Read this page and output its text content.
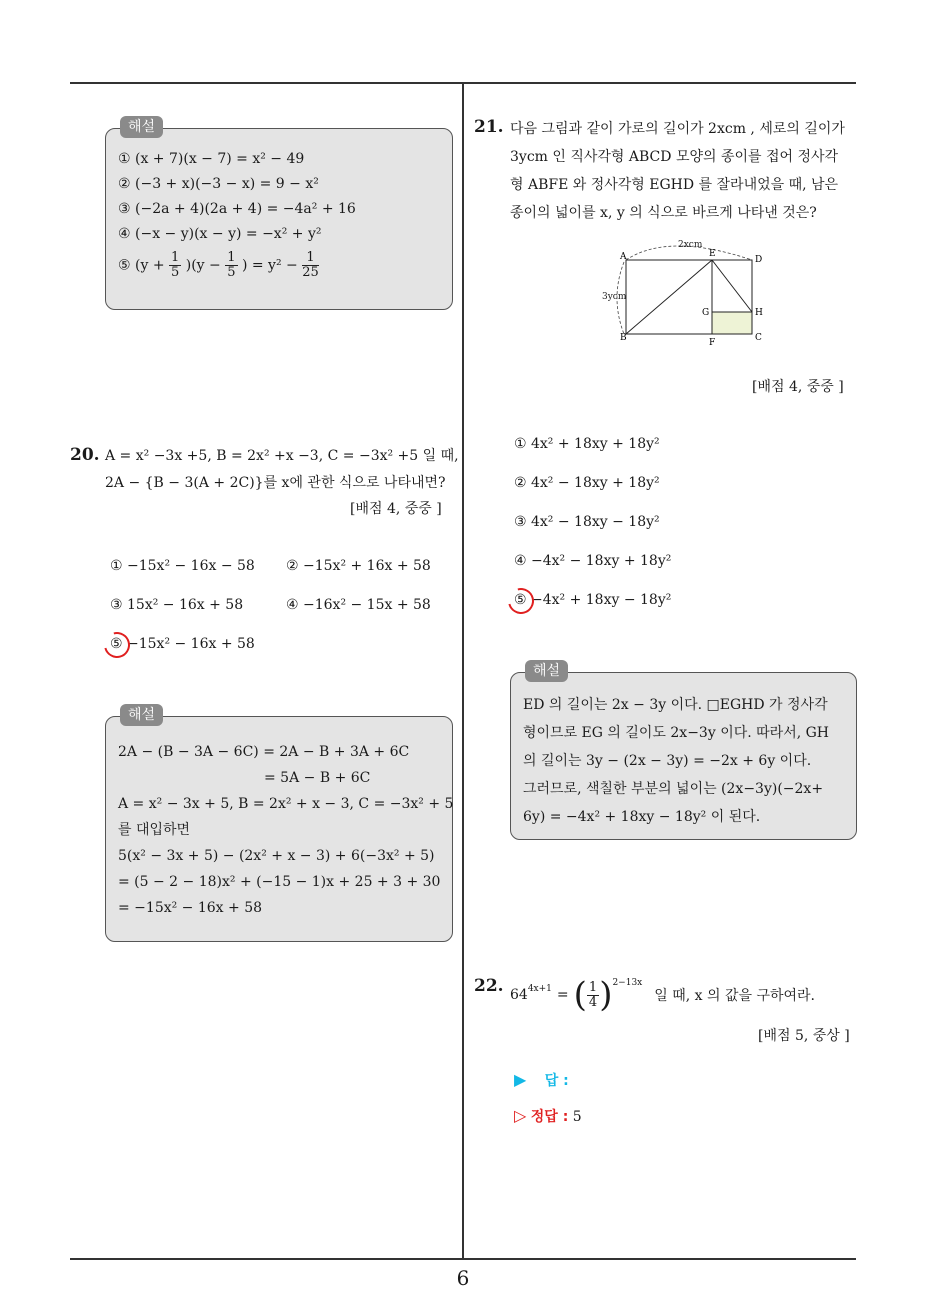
해설
① (x + 7)(x − 7) = x² − 49
② (−3 + x)(−3 − x) = 9 − x²
③ (−2a + 4)(2a + 4) = −4a² + 16
④ (−x − y)(x − y) = −x² + y²
⑤ $(y + \frac{1}{5} )(y - \frac{1}{5}$ ) = $y^2 - \frac{1}{25}$
20. A = x² −3x +5, B = 2x² +x −3, C = −3x² +5 일 때,
2A − {B − 3(A + 2C)}를 x에 관한 식으로 나타내면?
[배점 4, 중중 ]
① −15x² − 16x − 58 ② −15x² + 16x + 58
③ 15x² − 16x + 58	④ −16x² − 15x + 58
⑤ −15x² − 16x + 58
해설
2A − (B − 3A − 6C) = 2A − B + 3A + 6C
= 5A − B + 6C
A = x² − 3x + 5, B = 2x² + x − 3, C = −3x² + 5
를 대입하면
5(x² − 3x + 5) − (2x² + x − 3) + 6(−3x² + 5)
= (5 − 2 − 18)x² + (−15 − 1)x + 25 + 3 + 30
= −15x² − 16x + 58
21. 다음 그림과 같이 가로의 길이가 2xcm , 세로의 길이가
3ycm 인 직사각형 ABCD 모양의 종이를 접어 정사각
형 ABFE 와 정사각형 EGHD 를 잘라내었을 때, 남은
종이의 넓이를 x, y 의 식으로 바르게 나타낸 것은?
2xcm
3ycm
A	E
D
G	H
B	F	C
[배점 4, 중중 ]
① 4x² + 18xy + 18y²
② 4x² − 18xy + 18y²
③ 4x² − 18xy − 18y²
④ −4x² − 18xy + 18y²
⑤ −4x² + 18xy − 18y²
해설
ED 의 길이는 2x − 3y 이다. □EGHD 가 정사각
형이므로 EG 의 길이도 2x−3y 이다. 따라서, GH
의 길이는 3y − (2x − 3y) = −2x + 6y 이다.
그러므로, 색칠한 부분의 넓이는 (2x−3y)(−2x+
6y) = −4x² + 18xy − 18y² 이 된다.
22. $64^{4x+1}$ = ( $\frac{1}{4} )^{2-13x}$
일 때, x 의 값을 구하여라.
[배점 5, 중상 ]
▶ 답 :
▷ 정답 : 5
6
